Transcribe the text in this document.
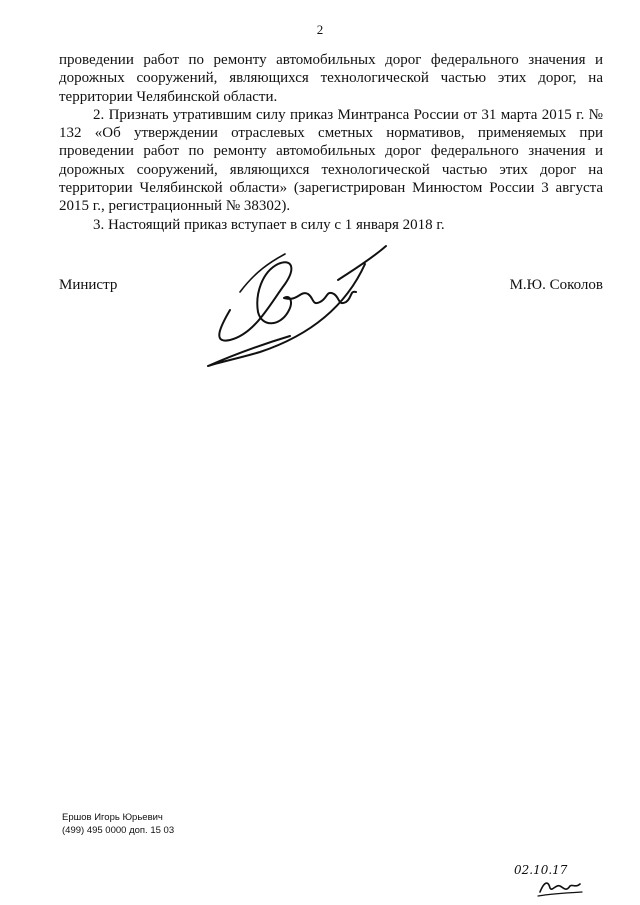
2

проведении работ по ремонту автомобильных дорог федерального значения и дорожных сооружений, являющихся технологической частью этих дорог, на территории Челябинской области.

2. Признать утратившим силу приказ Минтранса России от 31 марта 2015 г. № 132 «Об утверждении отраслевых сметных нормативов, применяемых при проведении работ по ремонту автомобильных дорог федерального значения и дорожных сооружений, являющихся технологической частью этих дорог на территории Челябинской области» (зарегистрирован Минюстом России 3 августа 2015 г., регистрационный № 38302).

3. Настоящий приказ вступает в силу с 1 января 2018 г.

Министр	М.Ю. Соколов
Ершов Игорь Юрьевич
(499) 495 0000 доп. 15 03
02.10.17
